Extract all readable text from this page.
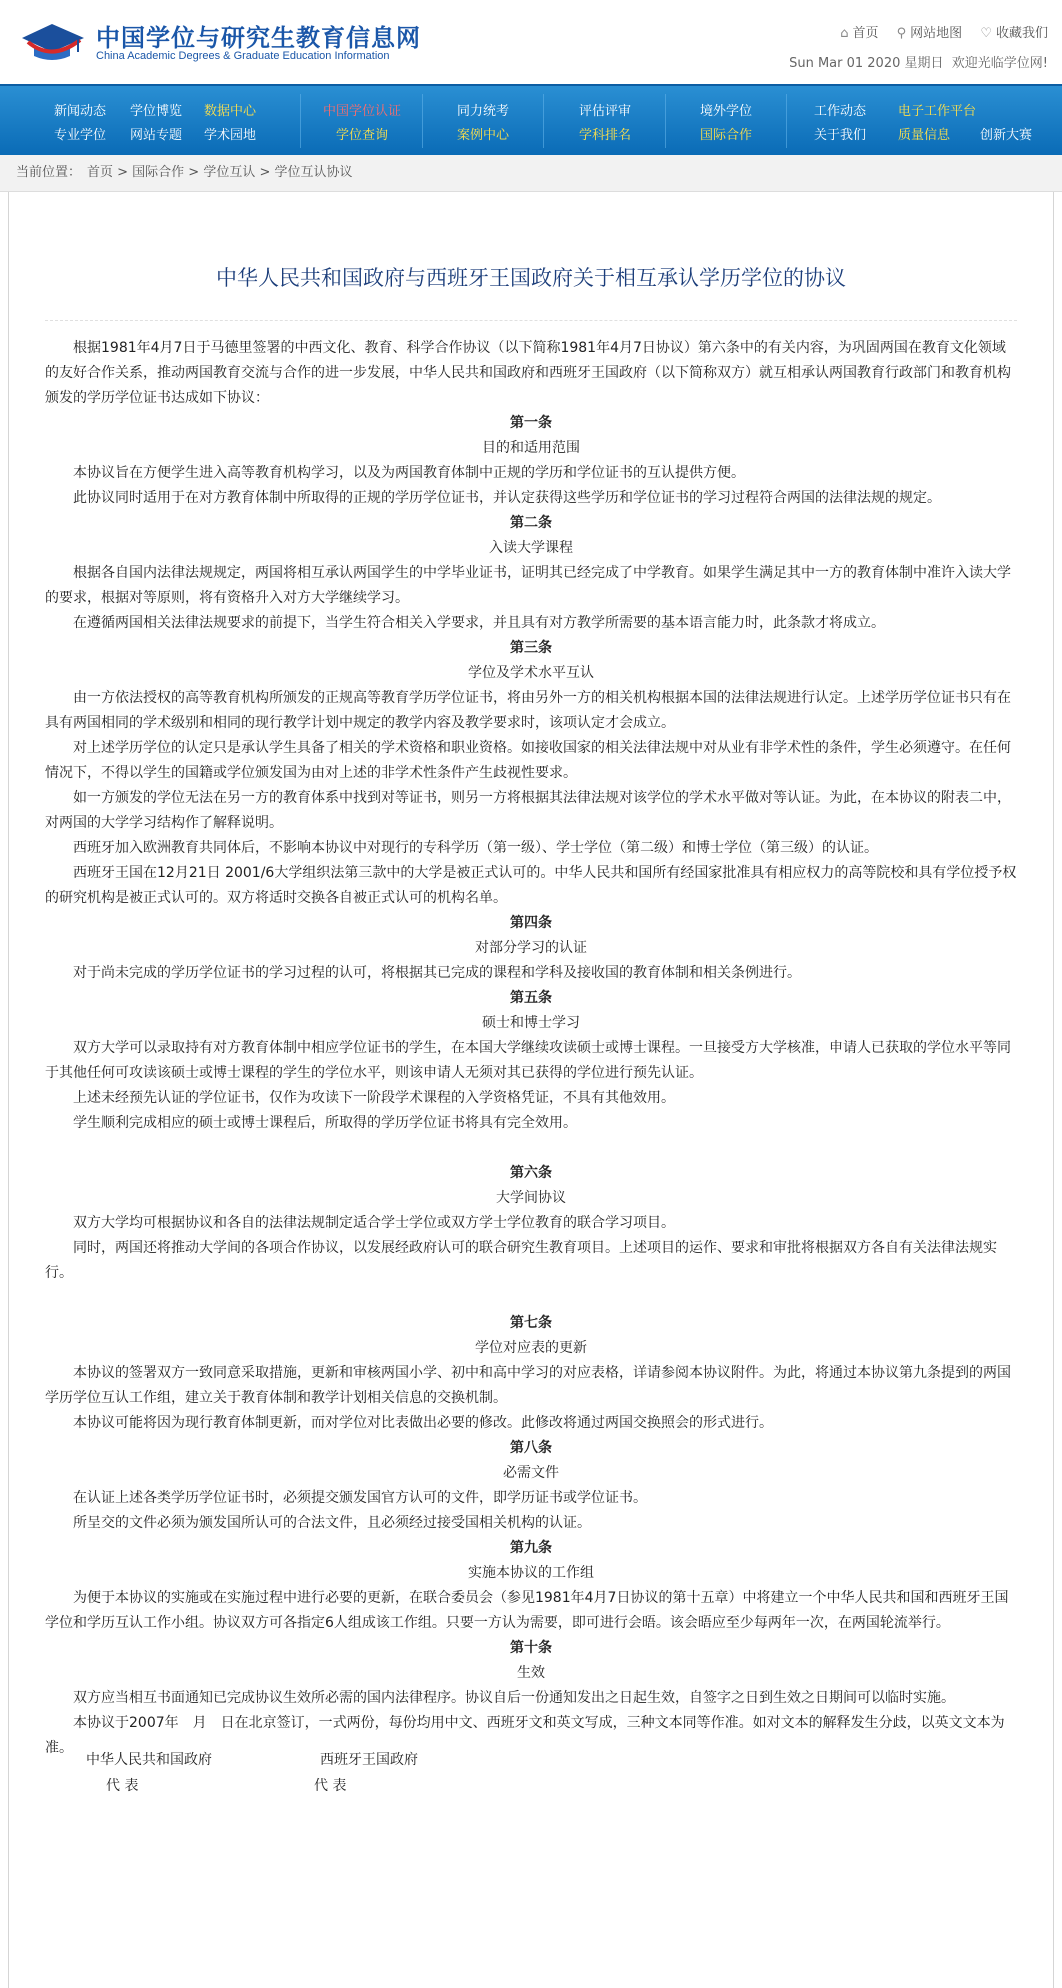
中国学位与研究生教育信息网
China Academic Degrees & Graduate Education Information
⌂ 首页 ⚲ 网站地图 ♡ 收藏我们
Sun Mar 01 2020 星期日 欢迎光临学位网!
新闻动态
专业学位
学位博览
网站专题
数据中心
学术园地
中国学位认证
学位查询
同力统考
案例中心
评估评审
学科排名
境外学位
国际合作
工作动态
关于我们
电子工作平台
质量信息 创新大赛
当前位置： 首页 > 国际合作 > 学位互认 > 学位互认协议
中华人民共和国政府与西班牙王国政府关于相互承认学历学位的协议

根据1981年4月7日于马德里签署的中西文化、教育、科学合作协议（以下简称1981年4月7日协议）第六条中的有关内容，为巩固两国在教育文化领域的友好合作关系，推动两国教育交流与合作的进一步发展，中华人民共和国政府和西班牙王国政府（以下简称双方）就互相承认两国教育行政部门和教育机构颁发的学历学位证书达成如下协议：

第一条

目的和适用范围

本协议旨在方便学生进入高等教育机构学习，以及为两国教育体制中正规的学历和学位证书的互认提供方便。

此协议同时适用于在对方教育体制中所取得的正规的学历学位证书，并认定获得这些学历和学位证书的学习过程符合两国的法律法规的规定。

第二条

入读大学课程

根据各自国内法律法规规定，两国将相互承认两国学生的中学毕业证书，证明其已经完成了中学教育。如果学生满足其中一方的教育体制中准许入读大学的要求，根据对等原则，将有资格升入对方大学继续学习。

在遵循两国相关法律法规要求的前提下，当学生符合相关入学要求，并且具有对方教学所需要的基本语言能力时，此条款才将成立。

第三条

学位及学术水平互认

由一方依法授权的高等教育机构所颁发的正规高等教育学历学位证书，将由另外一方的相关机构根据本国的法律法规进行认定。上述学历学位证书只有在具有两国相同的学术级别和相同的现行教学计划中规定的教学内容及教学要求时，该项认定才会成立。

对上述学历学位的认定只是承认学生具备了相关的学术资格和职业资格。如接收国家的相关法律法规中对从业有非学术性的条件，学生必须遵守。在任何情况下，不得以学生的国籍或学位颁发国为由对上述的非学术性条件产生歧视性要求。

如一方颁发的学位无法在另一方的教育体系中找到对等证书，则另一方将根据其法律法规对该学位的学术水平做对等认证。为此，在本协议的附表二中，对两国的大学学习结构作了解释说明。

西班牙加入欧洲教育共同体后，不影响本协议中对现行的专科学历（第一级）、学士学位（第二级）和博士学位（第三级）的认证。

西班牙王国在12月21日 2001/6大学组织法第三款中的大学是被正式认可的。中华人民共和国所有经国家批准具有相应权力的高等院校和具有学位授予权的研究机构是被正式认可的。双方将适时交换各自被正式认可的机构名单。

第四条

对部分学习的认证

对于尚未完成的学历学位证书的学习过程的认可，将根据其已完成的课程和学科及接收国的教育体制和相关条例进行。

第五条

硕士和博士学习

双方大学可以录取持有对方教育体制中相应学位证书的学生，在本国大学继续攻读硕士或博士课程。一旦接受方大学核准，申请人已获取的学位水平等同于其他任何可攻读该硕士或博士课程的学生的学位水平，则该申请人无须对其已获得的学位进行预先认证。

上述未经预先认证的学位证书，仅作为攻读下一阶段学术课程的入学资格凭证，不具有其他效用。

学生顺利完成相应的硕士或博士课程后，所取得的学历学位证书将具有完全效用。

第六条

大学间协议

双方大学均可根据协议和各自的法律法规制定适合学士学位或双方学士学位教育的联合学习项目。

同时，两国还将推动大学间的各项合作协议，以发展经政府认可的联合研究生教育项目。上述项目的运作、要求和审批将根据双方各自有关法律法规实行。

第七条

学位对应表的更新

本协议的签署双方一致同意采取措施，更新和审核两国小学、初中和高中学习的对应表格，详请参阅本协议附件。为此，将通过本协议第九条提到的两国学历学位互认工作组，建立关于教育体制和教学计划相关信息的交换机制。

本协议可能将因为现行教育体制更新，而对学位对比表做出必要的修改。此修改将通过两国交换照会的形式进行。

第八条

必需文件

在认证上述各类学历学位证书时，必须提交颁发国官方认可的文件，即学历证书或学位证书。

所呈交的文件必须为颁发国所认可的合法文件，且必须经过接受国相关机构的认证。

第九条

实施本协议的工作组

为便于本协议的实施或在实施过程中进行必要的更新，在联合委员会（参见1981年4月7日协议的第十五章）中将建立一个中华人民共和国和西班牙王国学位和学历互认工作小组。协议双方可各指定6人组成该工作组。只要一方认为需要，即可进行会晤。该会晤应至少每两年一次，在两国轮流举行。

第十条

生效

双方应当相互书面通知已完成协议生效所必需的国内法律程序。协议自后一份通知发出之日起生效，自签字之日到生效之日期间可以临时实施。

本协议于2007年　月　日在北京签订，一式两份，每份均用中文、西班牙文和英文写成，三种文本同等作准。如对文本的解释发生分歧，以英文文本为准。

中华人民共和国政府	西班牙王国政府
代 表	代 表
